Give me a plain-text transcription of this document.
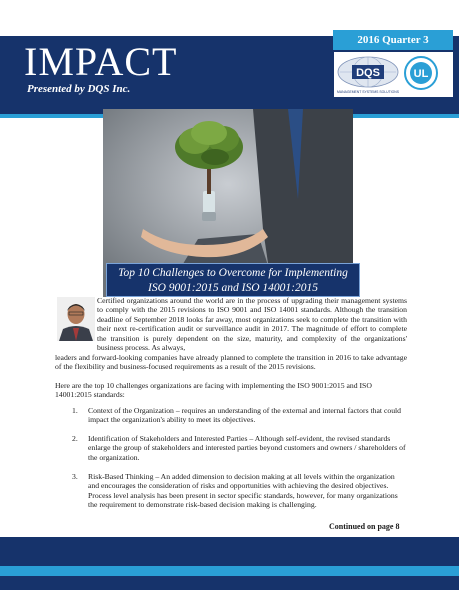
IMPACT
Presented by DQS Inc.
2016 Quarter 3
DQS
MANAGEMENT SYSTEMS SOLUTIONS
UL
Top 10 Challenges to Overcome for Implementing
ISO 9001:2015 and ISO 14001:2015
Certified organizations around the world are in the process of upgrading their management systems to comply with the 2015 revisions to ISO 9001 and ISO 14001 standards. Although the transition deadline of September 2018 looks far away, most organizations seek to complete the transition with their next re-certification audit or surveillance audit in 2017. The magnitude of effort to complete the transition is purely dependent on the size, maturity, and complexity of the organizations' business process. As always,
leaders and forward-looking companies have already planned to complete the transition in 2016 to take advantage of the flexibility and business-focused requirements as a result of the 2015 revisions.
Here are the top 10 challenges organizations are facing with implementing the ISO 9001:2015 and ISO 14001:2015 standards:
1. Context of the Organization – requires an understanding of the external and internal factors that could impact the organization's ability to meet its objectives.
2. Identification of Stakeholders and Interested Parties – Although self-evident, the revised standards enlarge the group of stakeholders and interested parties beyond customers and owners / shareholders of the organization.
3. Risk-Based Thinking – An added dimension to decision making at all levels within the organization and encourages the consideration of risks and opportunities with achieving the desired objectives. Process level analysis has been present in sector specific standards, however, for many organizations the requirement to demonstrate risk-based decision making is challenging.
Continued on page 8
